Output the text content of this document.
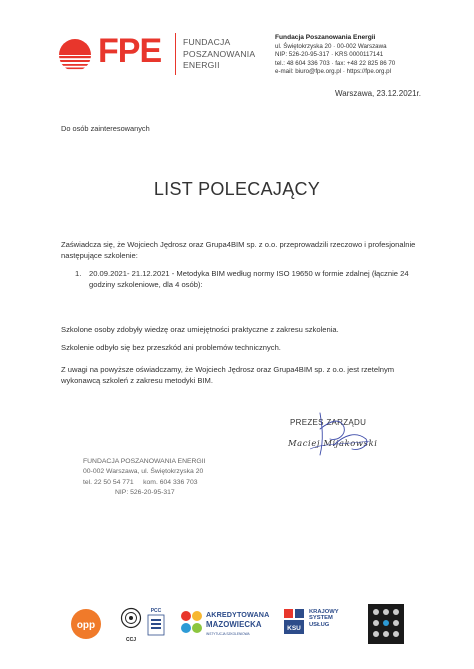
FPE	FUNDACJA
POSZANOWANIA
ENERGII
Fundacja Poszanowania Energii
ul. Świętokrzyska 20 · 00-002 Warszawa
NIP: 526-20-95-317 · KRS 0000117141
tel.: 48 604 336 703 · fax: +48 22 825 86 70
e-mail: biuro@fpe.org.pl · https://fpe.org.pl
Warszawa, 23.12.2021r.
Do osób zainteresowanych
LIST POLECAJĄCY
Zaświadcza się, że Wojciech Jędrosz oraz Grupa4BIM sp. z o.o. przeprowadzili rzeczowo i profesjonalnie następujące szkolenie:
1.	20.09.2021- 21.12.2021 - Metodyka BIM według normy ISO 19650 w formie zdalnej (łącznie 24 godziny szkoleniowe, dla 4 osób):
Szkolone osoby zdobyły wiedzę oraz umiejętności praktyczne z zakresu szkolenia.
Szkolenie odbyło się bez przeszkód ani problemów technicznych.
Z uwagi na powyższe oświadczamy, że Wojciech Jędrosz oraz Grupa4BIM sp. z o.o. jest rzetelnym wykonawcą szkoleń z zakresu metodyki BIM.
PREZES ZARZĄDU
Maciej Mijakowski
FUNDACJA POSZANOWANIA ENERGII
00-002 Warszawa, ul. Świętokrzyska 20
tel. 22 50 54 771 kom. 604 336 703
NIP: 526-20-95-317
opp
CCJ
PCC	AKREDYTOWANA
MAZOWIECKA
INSTYTUCJA SZKOLENIOWA
KSU
KRAJOWY
SYSTEM
USŁUG
